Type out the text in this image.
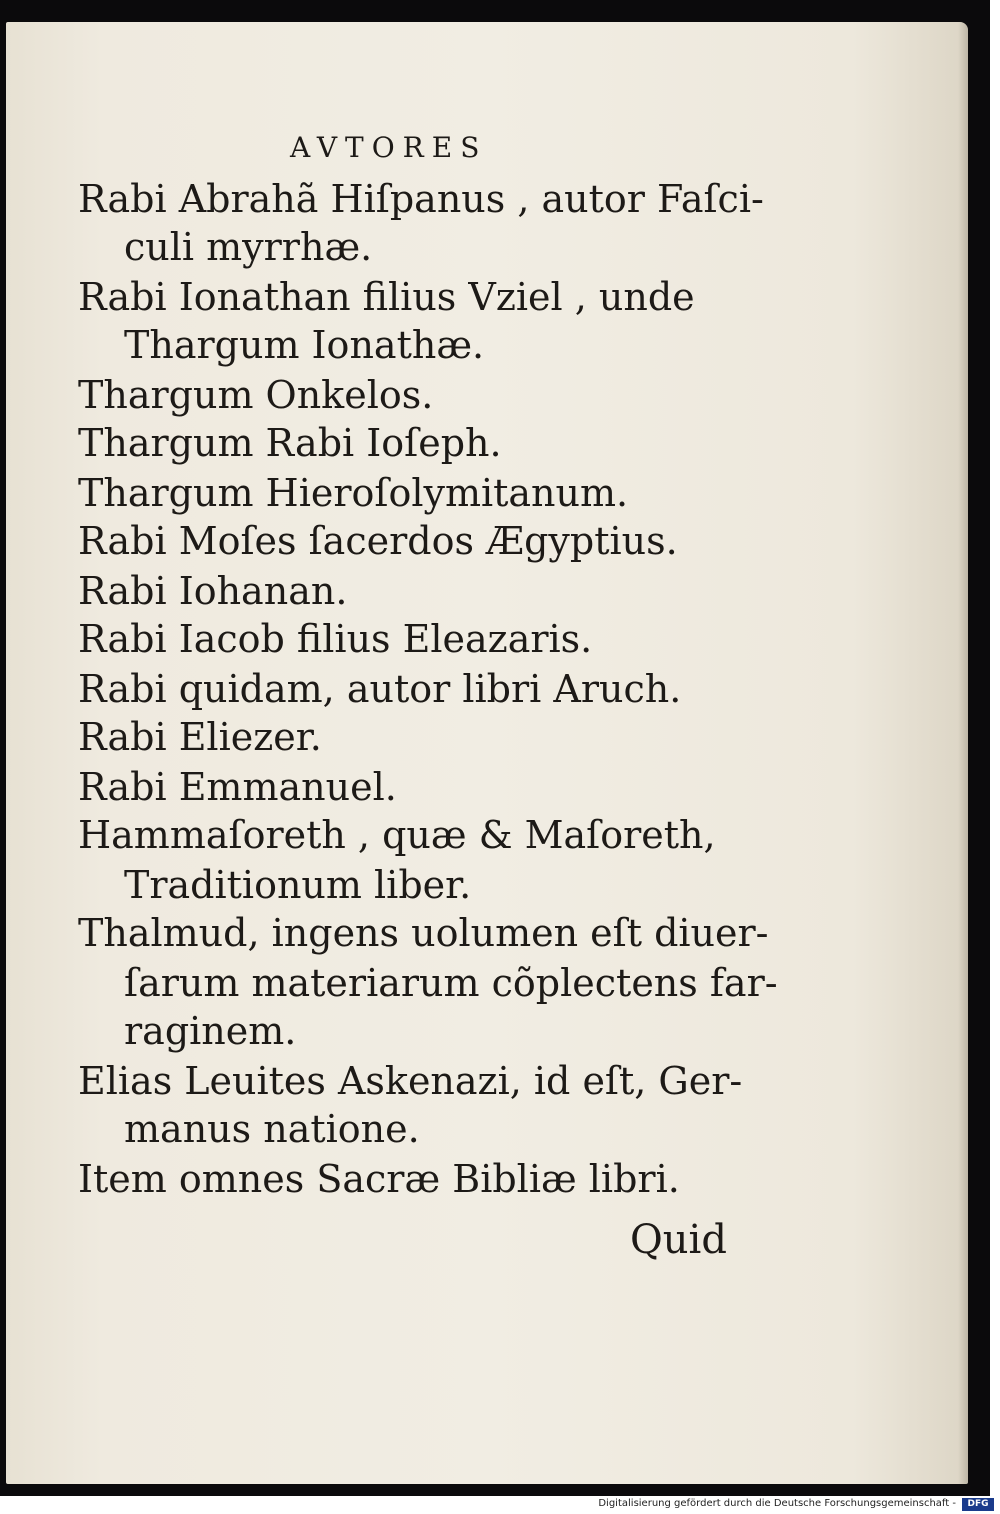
AVTORES
Rabi Abrahã Hiſpanus , autor Faſci-
culi myrrhæ.
Rabi Ionathan filius Vziel , unde
Thargum Ionathæ.
Thargum Onkelos.
Thargum Rabi Ioſeph.
Thargum Hieroſolymitanum.
Rabi Moſes ſacerdos Ægyptius.
Rabi Iohanan.
Rabi Iacob filius Eleazaris.
Rabi quidam, autor libri Aruch.
Rabi Eliezer.
Rabi Emmanuel.
Hammaſoreth , quæ & Maſoreth,
Traditionum liber.
Thalmud, ingens uolumen eſt diuer-
ſarum materiarum cõplectens far-
raginem.
Elias Leuites Askenazi, id eſt, Ger-
manus natione.
Item omnes Sacræ Bibliæ libri.
Quid
Digitalisierung gefördert durch die Deutsche Forschungsgemeinschaft -	DFG
